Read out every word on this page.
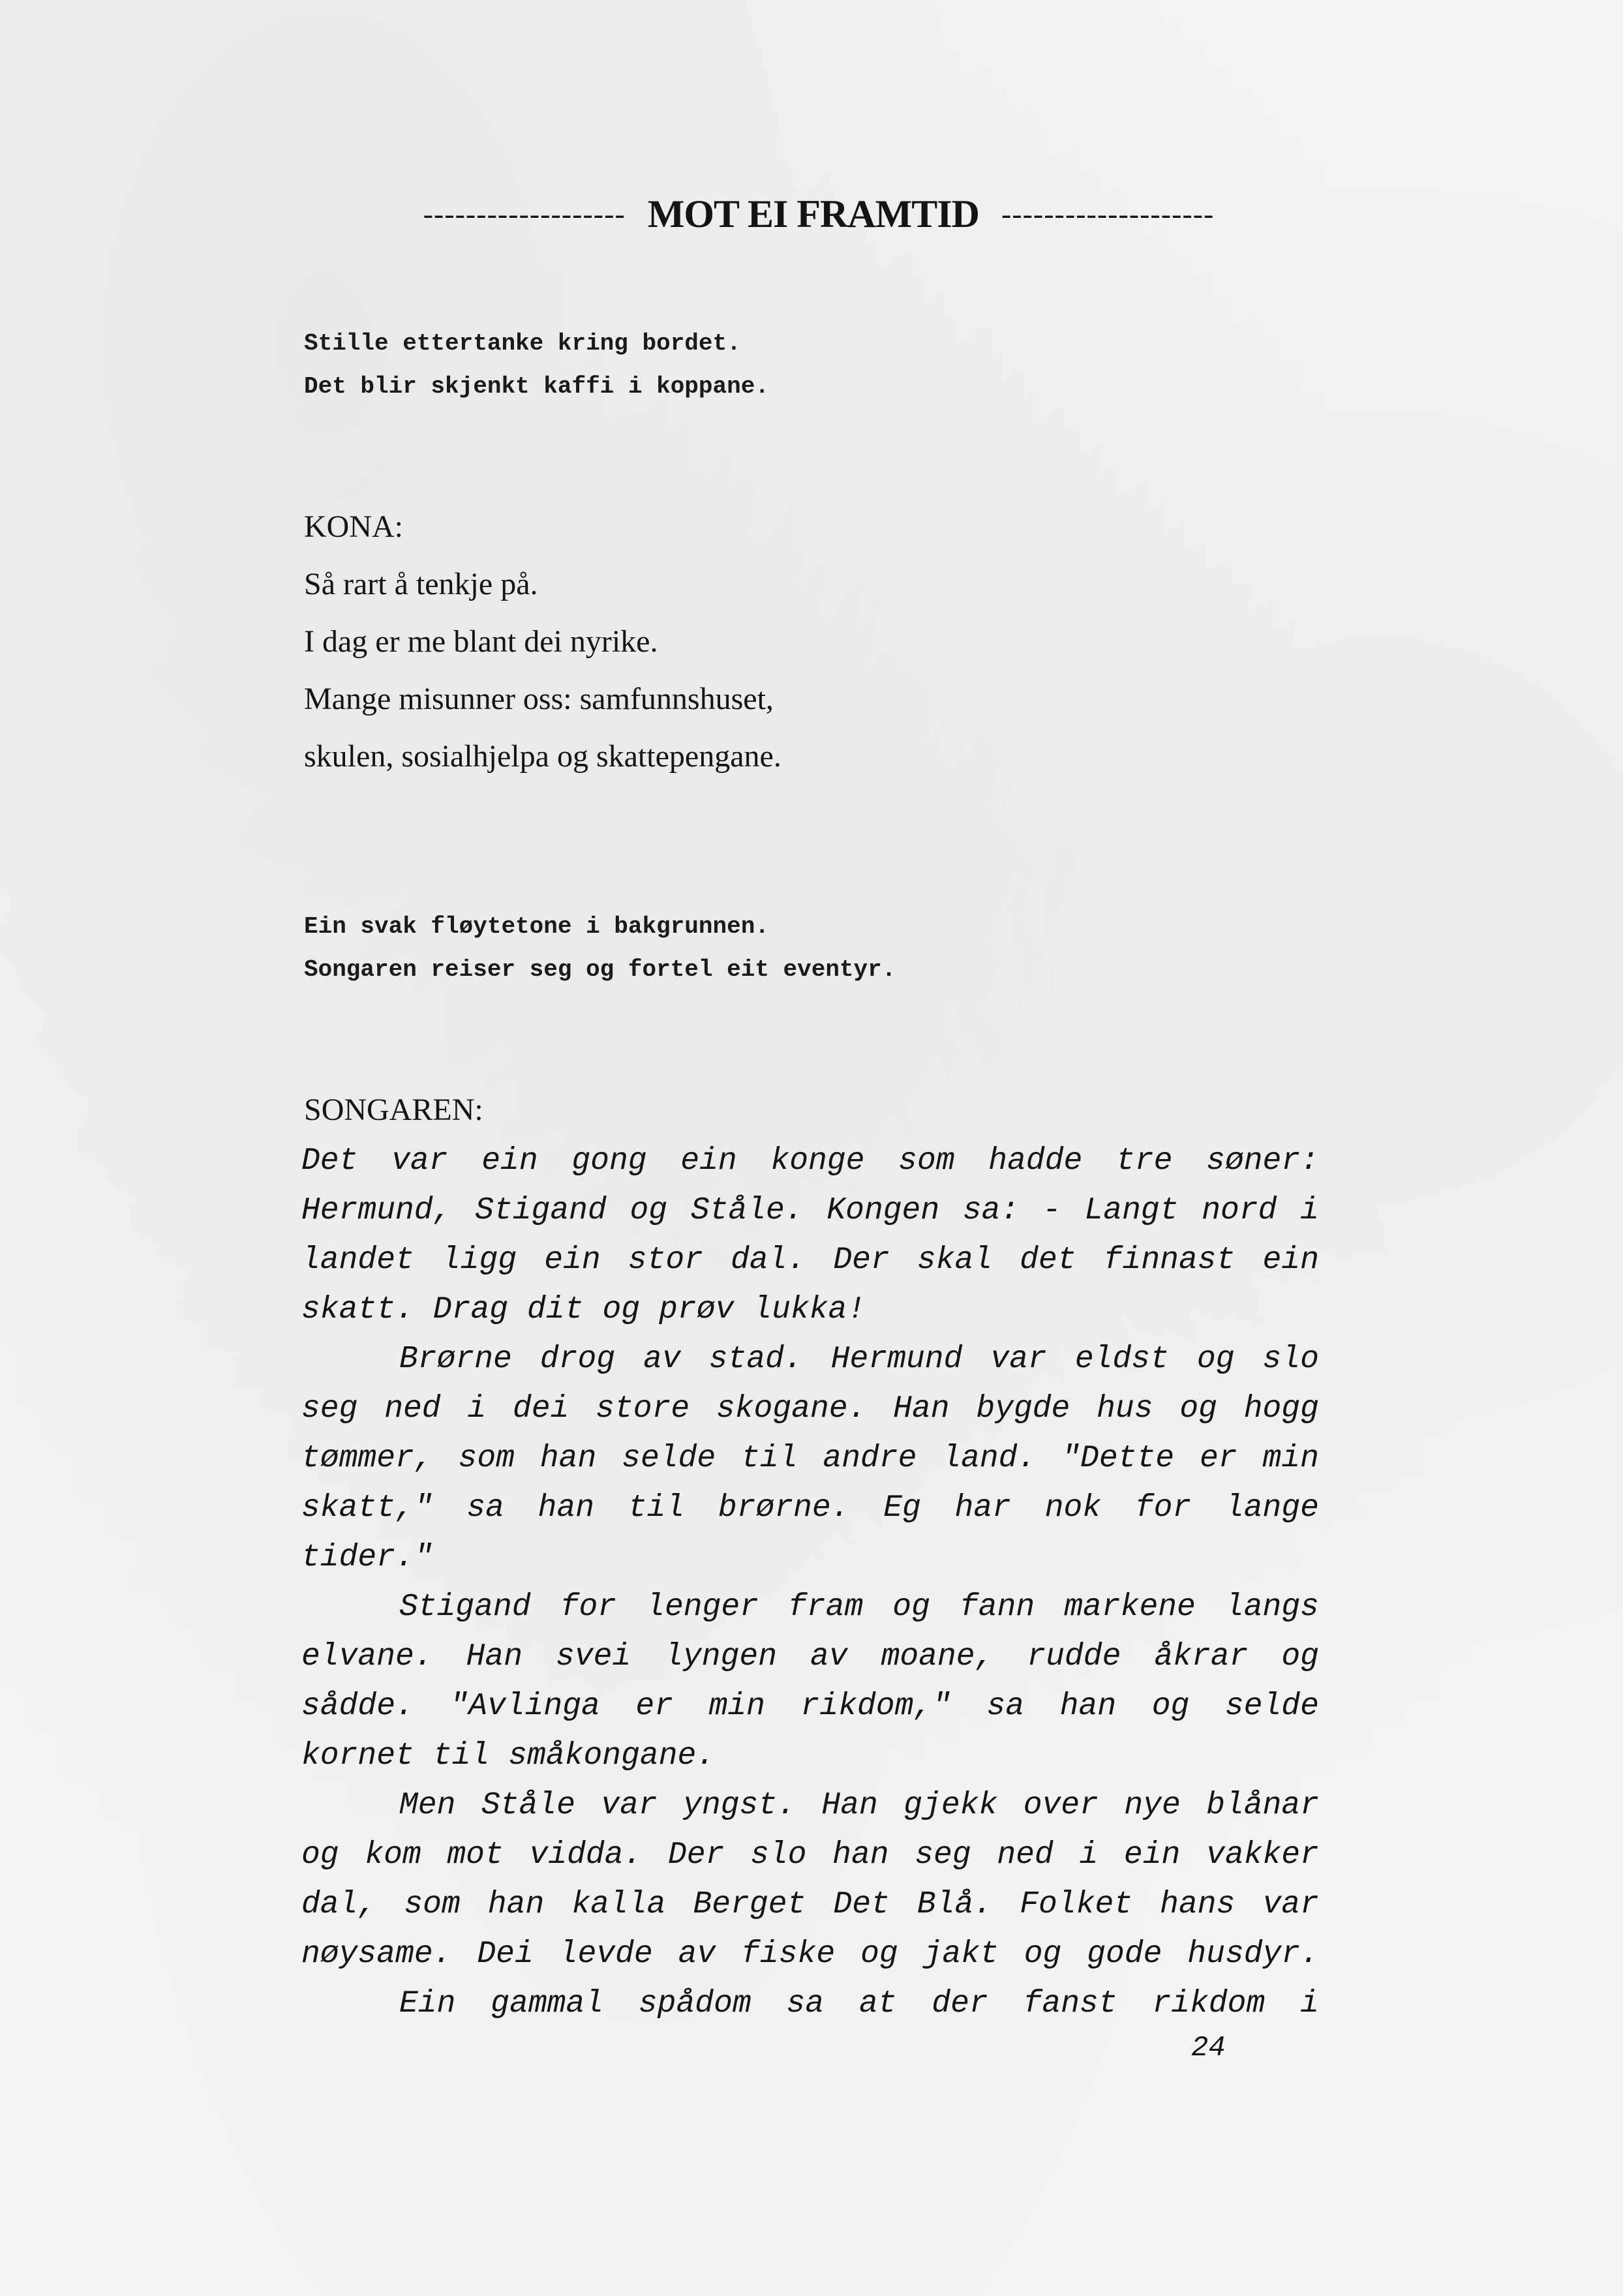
------------------- MOT EI FRAMTID --------------------
Stille ettertanke kring bordet.
Det blir skjenkt kaffi i koppane.
KONA:
Så rart å tenkje på.
I dag er me blant dei nyrike.
Mange misunner oss: samfunnshuset,
skulen, sosialhjelpa og skattepengane.
Ein svak fløytetone i bakgrunnen.
Songaren reiser seg og fortel eit eventyr.
SONGAREN:
Det var ein gong ein konge som hadde tre søner:
Hermund, Stigand og Ståle. Kongen sa: - Langt nord i
landet ligg ein stor dal. Der skal det finnast ein
skatt. Drag dit og prøv lukka!
Brørne drog av stad. Hermund var eldst og slo
seg ned i dei store skogane. Han bygde hus og hogg
tømmer, som han selde til andre land. "Dette er min
skatt," sa han til brørne. Eg har nok for lange
tider."
Stigand for lenger fram og fann markene langs
elvane. Han svei lyngen av moane, rudde åkrar og
sådde. "Avlinga er min rikdom," sa han og selde
kornet til småkongane.
Men Ståle var yngst. Han gjekk over nye blånar
og kom mot vidda. Der slo han seg ned i ein vakker
dal, som han kalla Berget Det Blå. Folket hans var
nøysame. Dei levde av fiske og jakt og gode husdyr.
Ein gammal spådom sa at der fanst rikdom i
24
